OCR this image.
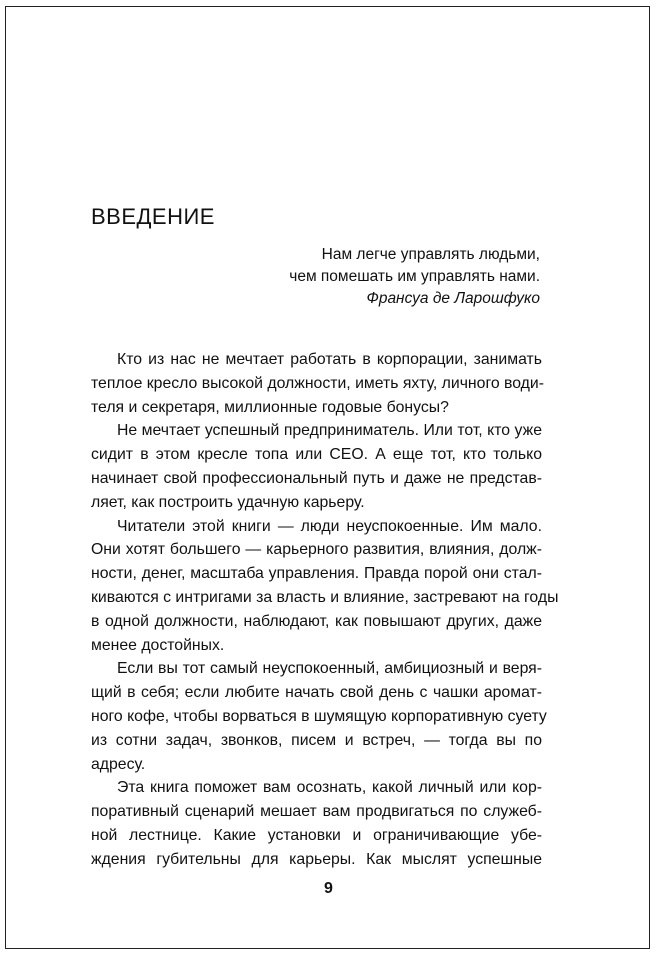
ВВЕДЕНИЕ
Нам легче управлять людьми,
чем помешать им управлять нами.
Франсуа де Ларошфуко
Кто из нас не мечтает работать в корпорации, занимать
теплое кресло высокой должности, иметь яхту, личного води-
теля и секретаря, миллионные годовые бонусы?
Не мечтает успешный предприниматель. Или тот, кто уже
сидит в этом кресле топа или CEO. А еще тот, кто только
начинает свой профессиональный путь и даже не представ-
ляет, как построить удачную карьеру.
Читатели этой книги — люди неуспокоенные. Им мало.
Они хотят большего — карьерного развития, влияния, долж-
ности, денег, масштаба управления. Правда порой они стал-
киваются с интригами за власть и влияние, застревают на годы
в одной должности, наблюдают, как повышают других, даже
менее достойных.
Если вы тот самый неуспокоенный, амбициозный и веря-
щий в себя; если любите начать свой день с чашки аромат-
ного кофе, чтобы ворваться в шумящую корпоративную суету
из сотни задач, звонков, писем и встреч, — тогда вы по
адресу.
Эта книга поможет вам осознать, какой личный или кор-
поративный сценарий мешает вам продвигаться по служеб-
ной лестнице. Какие установки и ограничивающие убе-
ждения губительны для карьеры. Как мыслят успешные
9
